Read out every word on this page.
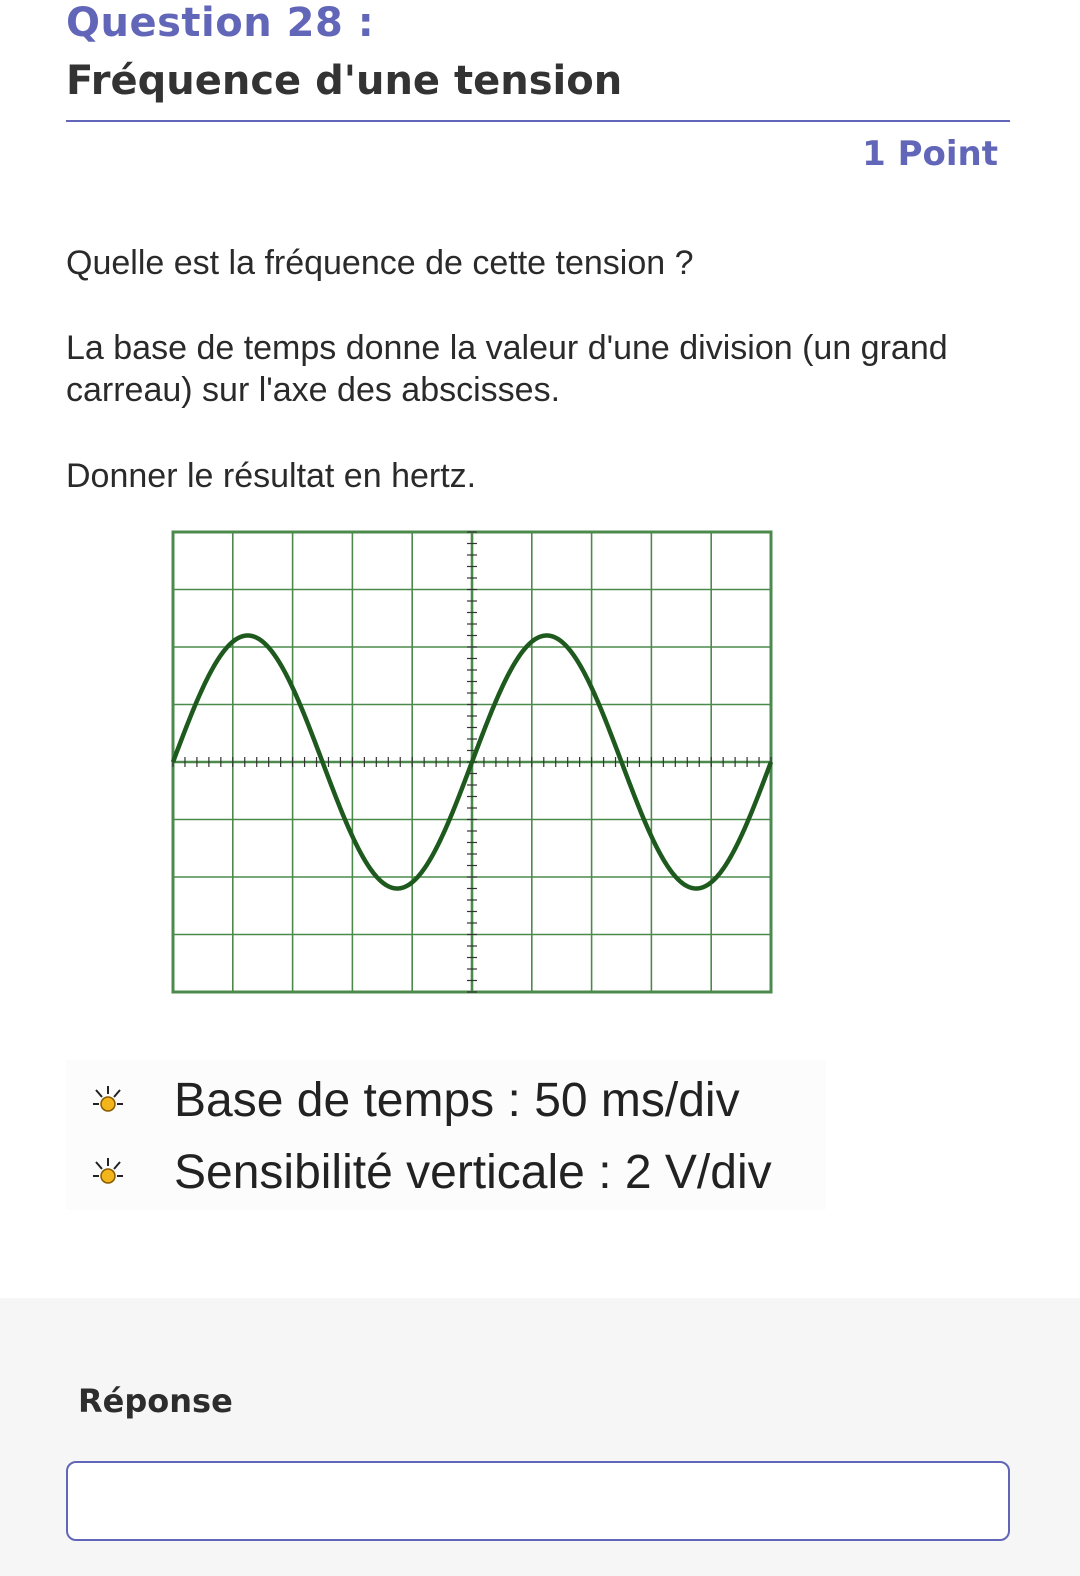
Question 28 :
Fréquence d'une tension
1 Point
Quelle est la fréquence de cette tension ?
La base de temps donne la valeur d'une division (un grand carreau) sur l'axe des abscisses.
Donner le résultat en hertz.
Base de temps : 50 ms/div
Sensibilité verticale : 2 V/div
Réponse
